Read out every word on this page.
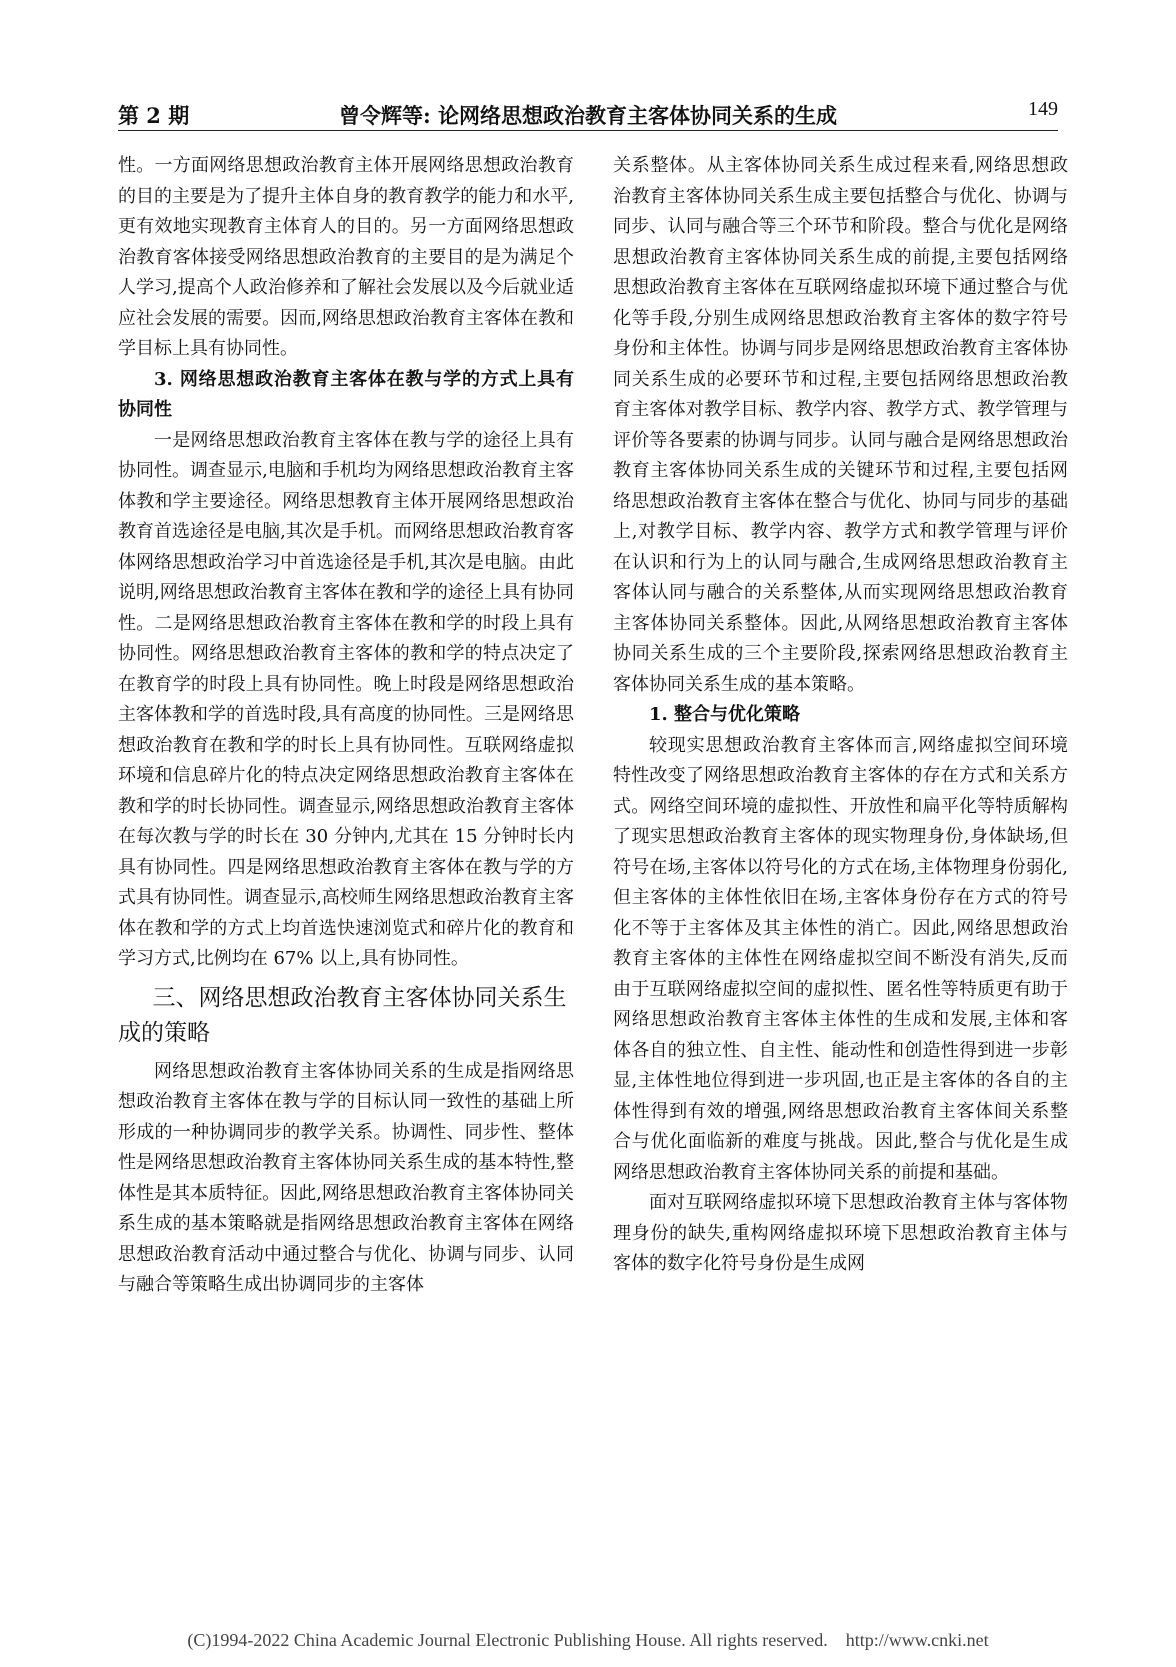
第 2 期	曾令辉等: 论网络思想政治教育主客体协同关系的生成	149

性。一方面网络思想政治教育主体开展网络思想政治教育的目的主要是为了提升主体自身的教育教学的能力和水平,更有效地实现教育主体育人的目的。另一方面网络思想政治教育客体接受网络思想政治教育的主要目的是为满足个人学习,提高个人政治修养和了解社会发展以及今后就业适应社会发展的需要。因而,网络思想政治教育主客体在教和学目标上具有协同性。

3. 网络思想政治教育主客体在教与学的方式上具有协同性

一是网络思想政治教育主客体在教与学的途径上具有协同性。调查显示,电脑和手机均为网络思想政治教育主客体教和学主要途径。网络思想教育主体开展网络思想政治教育首选途径是电脑,其次是手机。而网络思想政治教育客体网络思想政治学习中首选途径是手机,其次是电脑。由此说明,网络思想政治教育主客体在教和学的途径上具有协同性。二是网络思想政治教育主客体在教和学的时段上具有协同性。网络思想政治教育主客体的教和学的特点决定了在教育学的时段上具有协同性。晚上时段是网络思想政治主客体教和学的首选时段,具有高度的协同性。三是网络思想政治教育在教和学的时长上具有协同性。互联网络虚拟环境和信息碎片化的特点决定网络思想政治教育主客体在教和学的时长协同性。调查显示,网络思想政治教育主客体在每次教与学的时长在 30 分钟内,尤其在 15 分钟时长内具有协同性。四是网络思想政治教育主客体在教与学的方式具有协同性。调查显示,高校师生网络思想政治教育主客体在教和学的方式上均首选快速浏览式和碎片化的教育和学习方式,比例均在 67% 以上,具有协同性。

三、网络思想政治教育主客体协同关系生成的策略

网络思想政治教育主客体协同关系的生成是指网络思想政治教育主客体在教与学的目标认同一致性的基础上所形成的一种协调同步的教学关系。协调性、同步性、整体性是网络思想政治教育主客体协同关系生成的基本特性,整体性是其本质特征。因此,网络思想政治教育主客体协同关系生成的基本策略就是指网络思想政治教育主客体在网络思想政治教育活动中通过整合与优化、协调与同步、认同与融合等策略生成出协调同步的主客体

关系整体。从主客体协同关系生成过程来看,网络思想政治教育主客体协同关系生成主要包括整合与优化、协调与同步、认同与融合等三个环节和阶段。整合与优化是网络思想政治教育主客体协同关系生成的前提,主要包括网络思想政治教育主客体在互联网络虚拟环境下通过整合与优化等手段,分别生成网络思想政治教育主客体的数字符号身份和主体性。协调与同步是网络思想政治教育主客体协同关系生成的必要环节和过程,主要包括网络思想政治教育主客体对教学目标、教学内容、教学方式、教学管理与评价等各要素的协调与同步。认同与融合是网络思想政治教育主客体协同关系生成的关键环节和过程,主要包括网络思想政治教育主客体在整合与优化、协同与同步的基础上,对教学目标、教学内容、教学方式和教学管理与评价在认识和行为上的认同与融合,生成网络思想政治教育主客体认同与融合的关系整体,从而实现网络思想政治教育主客体协同关系整体。因此,从网络思想政治教育主客体协同关系生成的三个主要阶段,探索网络思想政治教育主客体协同关系生成的基本策略。

1. 整合与优化策略

较现实思想政治教育主客体而言,网络虚拟空间环境特性改变了网络思想政治教育主客体的存在方式和关系方式。网络空间环境的虚拟性、开放性和扁平化等特质解构了现实思想政治教育主客体的现实物理身份,身体缺场,但符号在场,主客体以符号化的方式在场,主体物理身份弱化,但主客体的主体性依旧在场,主客体身份存在方式的符号化不等于主客体及其主体性的消亡。因此,网络思想政治教育主客体的主体性在网络虚拟空间不断没有消失,反而由于互联网络虚拟空间的虚拟性、匿名性等特质更有助于网络思想政治教育主客体主体性的生成和发展,主体和客体各自的独立性、自主性、能动性和创造性得到进一步彰显,主体性地位得到进一步巩固,也正是主客体的各自的主体性得到有效的增强,网络思想政治教育主客体间关系整合与优化面临新的难度与挑战。因此,整合与优化是生成网络思想政治教育主客体协同关系的前提和基础。

面对互联网络虚拟环境下思想政治教育主体与客体物理身份的缺失,重构网络虚拟环境下思想政治教育主体与客体的数字化符号身份是生成网

(C)1994-2022 China Academic Journal Electronic Publishing House. All rights reserved. http://www.cnki.net
